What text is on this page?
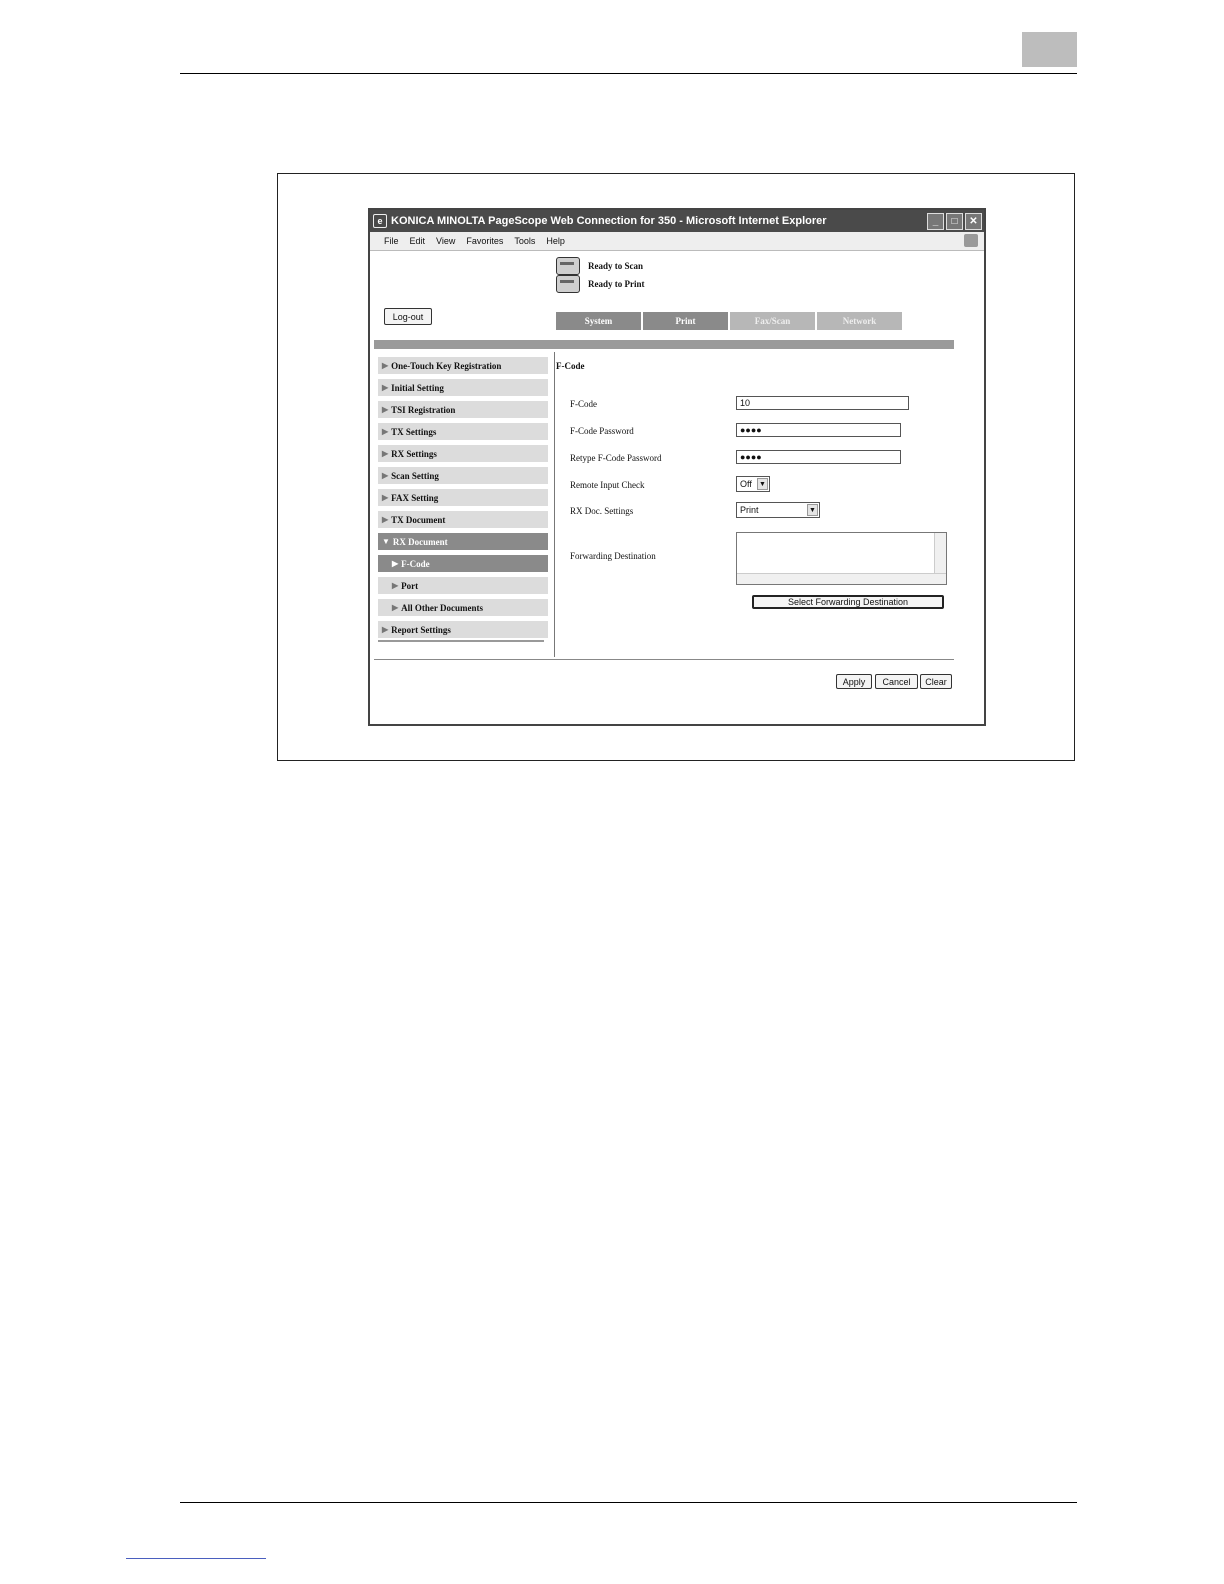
e KONICA MINOLTA PageScope Web Connection for 350 - Microsoft Internet Explorer	_	□	✕
File Edit View Favorites Tools Help
Ready to Scan
Ready to Print
Log-out	System	Print	Fax/Scan	Network
▶ One-Touch Key Registration
▶ Initial Setting
▶ TSI Registration
▶ TX Settings
▶ RX Settings
▶ Scan Setting
▶ FAX Setting
▶ TX Document
▼ RX Document
▶ F-Code
▶ Port
▶ All Other Documents
▶ Report Settings
F-Code
F-Code	10
F-Code Password	●●●●
Retype F-Code Password	●●●●
Remote Input Check	Off ▼
RX Doc. Settings	Print	▼
Forwarding Destination
Select Forwarding Destination
Apply	Cancel	Clear
